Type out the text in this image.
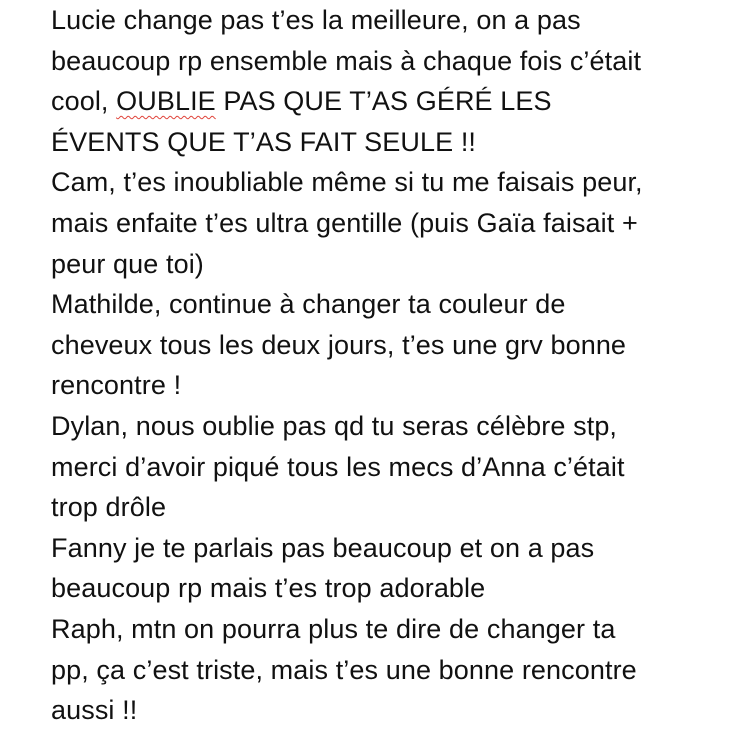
Lucie change pas t’es la meilleure, on a pas
beaucoup rp ensemble mais à chaque fois c’était
cool, OUBLIE PAS QUE T’AS GÉRÉ LES
ÉVENTS QUE T’AS FAIT SEULE !!
Cam, t’es inoubliable même si tu me faisais peur,
mais enfaite t’es ultra gentille (puis Gaïa faisait +
peur que toi)
Mathilde, continue à changer ta couleur de
cheveux tous les deux jours, t’es une grv bonne
rencontre !
Dylan, nous oublie pas qd tu seras célèbre stp,
merci d’avoir piqué tous les mecs d’Anna c’était
trop drôle
Fanny je te parlais pas beaucoup et on a pas
beaucoup rp mais t’es trop adorable
Raph, mtn on pourra plus te dire de changer ta
pp, ça c’est triste, mais t’es une bonne rencontre
aussi !!
